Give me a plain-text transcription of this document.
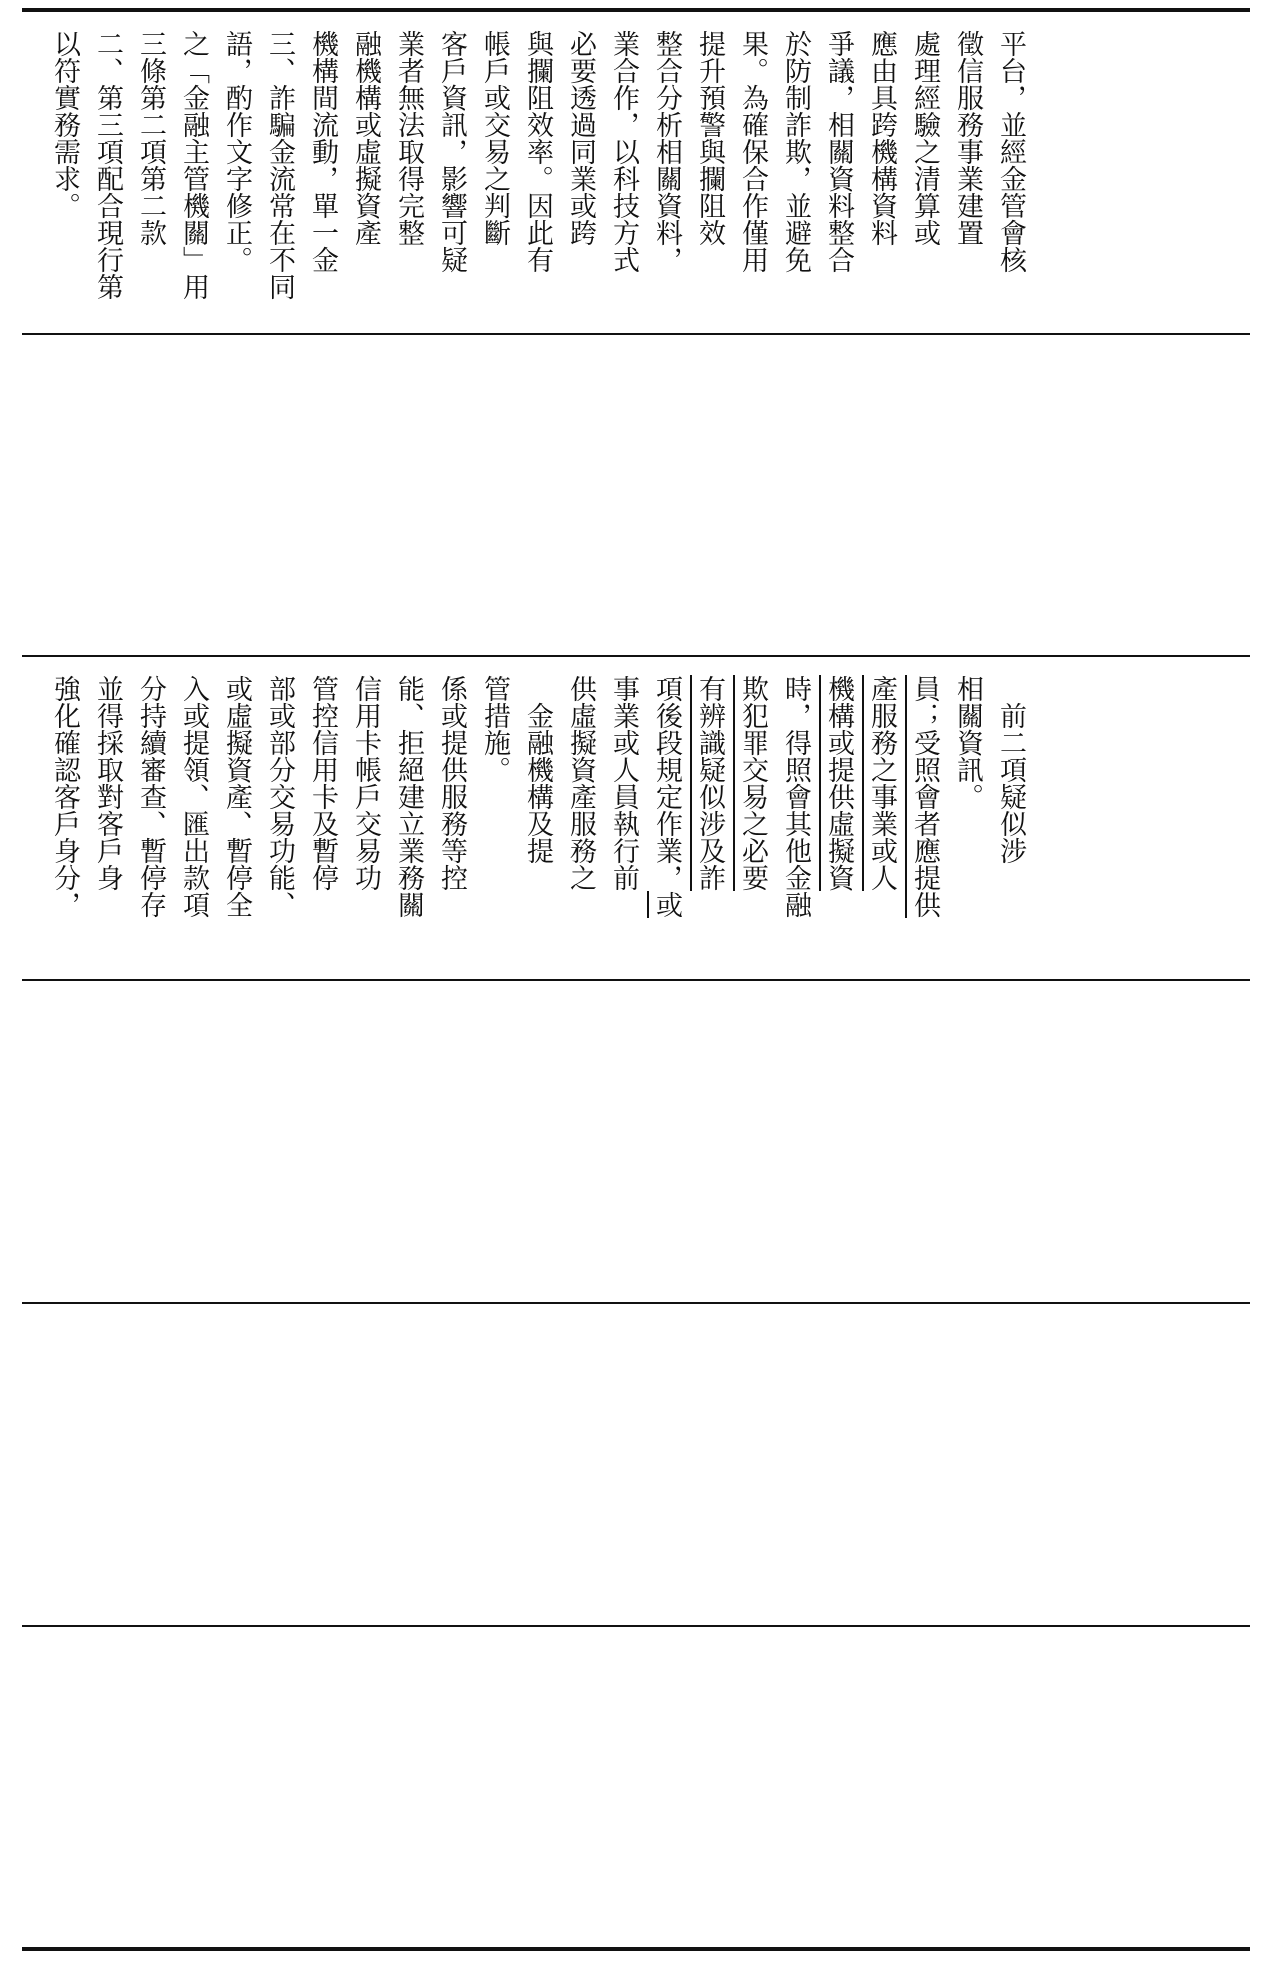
以符實務需求。 二、第三項配合現行第 三條第二項第二款 之「金融主管機關」用 語，酌作文字修正。 三、詐騙金流常在不同 機構間流動，單一金 融機構或虛擬資產 業者無法取得完整 客戶資訊，影響可疑 帳戶或交易之判斷 與攔阻效率。因此有 必要透過同業或跨 業合作，以科技方式 整合分析相關資料， 提升預警與攔阻效 果。為確保合作僅用 於防制詐欺，並避免 爭議，相關資料整合 應由具跨機構資料 處理經驗之清算或 徵信服務事業建置 平台，並經金管會核
強化確認客戶身分， 並得採取對客戶身 分持續審查、暫停存 入或提領、匯出款項 或虛擬資產、暫停全 部或部分交易功能、 管控信用卡及暫停 信用卡帳戶交易功 能、拒絕建立業務關 係或提供服務等控 管措施。 　金融機構及提 供虛擬資產服務之 事業或人員執行前 項後段規定作業，或
有辨識疑似涉及詐 欺犯罪交易之必要 時，得照會其他金融 機構或提供虛擬資 產服務之事業或人 員；受照會者應提供 相關資訊。 　前二項疑似涉
